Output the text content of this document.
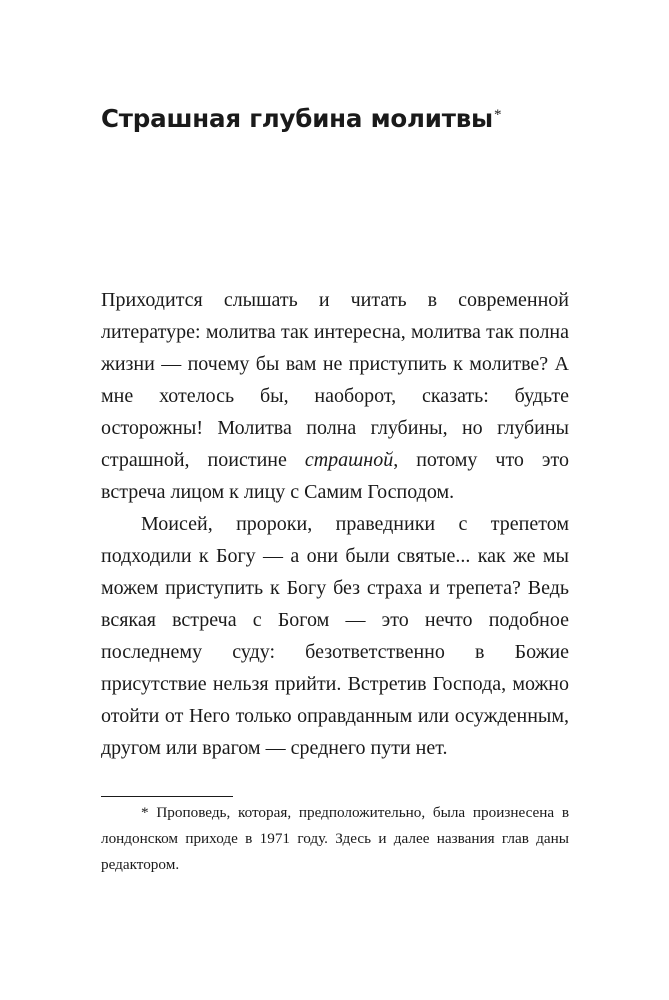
Страшная глубина молитвы*

Приходится слышать и читать в современной литературе: молитва так интересна, молитва так полна жизни — почему бы вам не приступить к молитве? А мне хотелось бы, наоборот, сказать: будьте осторожны! Молитва полна глубины, но глубины страшной, поистине страшной, потому что это встреча лицом к лицу с Самим Господом.

Моисей, пророки, праведники с трепетом подходили к Богу — а они были святые... как же мы можем приступить к Богу без страха и трепета? Ведь всякая встреча с Богом — это нечто подобное последнему суду: безответственно в Божие присутствие нельзя прийти. Встретив Господа, можно отойти от Него только оправданным или осужденным, другом или врагом — среднего пути нет.

* Проповедь, которая, предположительно, была произнесена в лондонском приходе в 1971 году. Здесь и далее названия глав даны редактором.
